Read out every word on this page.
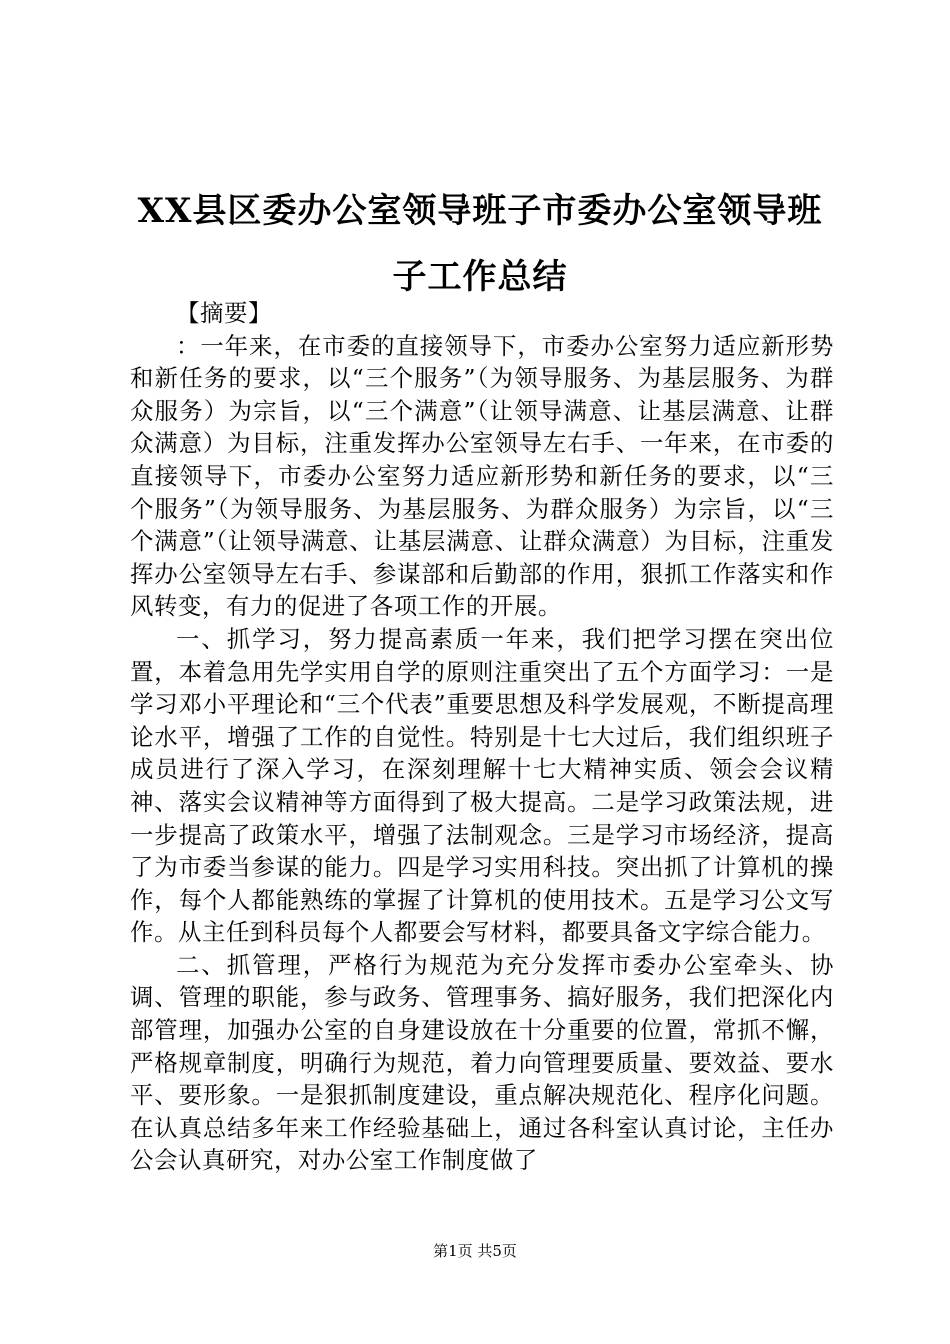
XX县区委办公室领导班子市委办公室领导班
子工作总结
【摘要】

：一年来，在市委的直接领导下，市委办公室努力适应新形势和新任务的要求，以“三个服务”（为领导服务、为基层服务、为群众服务）为宗旨，以“三个满意”（让领导满意、让基层满意、让群众满意）为目标，注重发挥办公室领导左右手、一年来，在市委的直接领导下，市委办公室努力适应新形势和新任务的要求，以“三个服务”（为领导服务、为基层服务、为群众服务）为宗旨，以“三个满意”（让领导满意、让基层满意、让群众满意）为目标，注重发挥办公室领导左右手、参谋部和后勤部的作用，狠抓工作落实和作风转变，有力的促进了各项工作的开展。

一、抓学习，努力提高素质一年来，我们把学习摆在突出位置，本着急用先学实用自学的原则注重突出了五个方面学习：一是学习邓小平理论和“三个代表”重要思想及科学发展观，不断提高理论水平，增强了工作的自觉性。特别是十七大过后，我们组织班子成员进行了深入学习，在深刻理解十七大精神实质、领会会议精神、落实会议精神等方面得到了极大提高。二是学习政策法规，进一步提高了政策水平，增强了法制观念。三是学习市场经济，提高了为市委当参谋的能力。四是学习实用科技。突出抓了计算机的操作，每个人都能熟练的掌握了计算机的使用技术。五是学习公文写作。从主任到科员每个人都要会写材料，都要具备文字综合能力。

二、抓管理，严格行为规范为充分发挥市委办公室牵头、协调、管理的职能，参与政务、管理事务、搞好服务，我们把深化内部管理，加强办公室的自身建设放在十分重要的位置，常抓不懈，严格规章制度，明确行为规范，着力向管理要质量、要效益、要水平、要形象。一是狠抓制度建设，重点解决规范化、程序化问题。在认真总结多年来工作经验基础上，通过各科室认真讨论，主任办公会认真研究，对办公室工作制度做了

第1页 共5页
